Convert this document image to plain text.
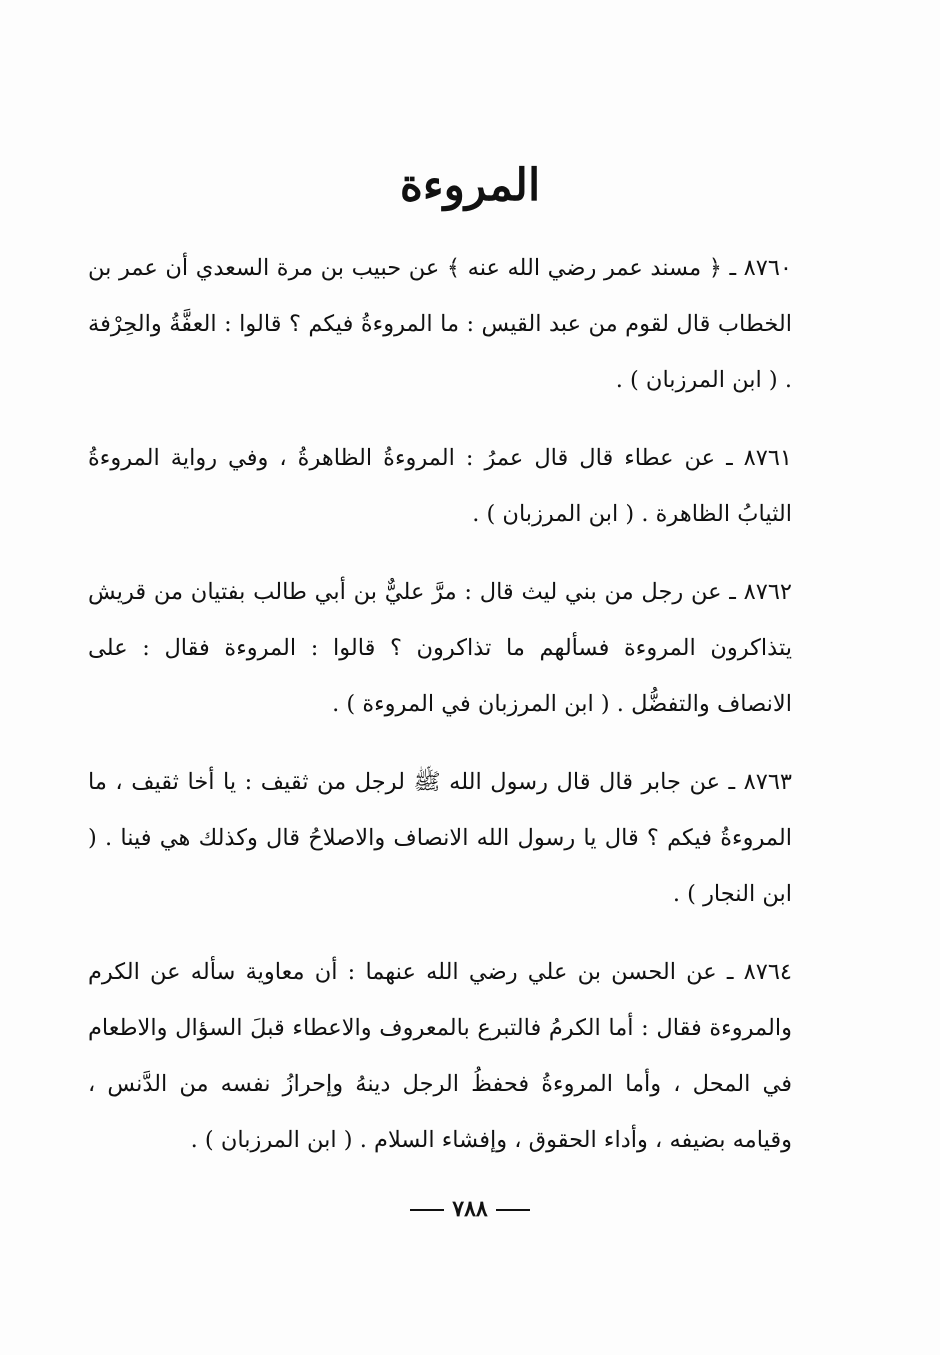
المروءة

٨٧٦٠ ـ ﴿ مسند عمر رضي الله عنه ﴾ عن حبيب بن مرة السعدي أن عمر بن الخطاب قال لقوم من عبد القيس : ما المروءةُ فيكم ؟ قالوا : العفَّةُ والحِرْفة . ( ابن المرزبان ) .

٨٧٦١ ـ عن عطاء قال قال عمرُ : المروءةُ الظاهرةُ ، وفي رواية المروءةُ الثيابُ الظاهرة . ( ابن المرزبان ) .

٨٧٦٢ ـ عن رجل من بني ليث قال : مرَّ عليٌّ بن أبي طالب بفتيان من قريش يتذاكرون المروءة فسألهم ما تذاكرون ؟ قالوا : المروءة فقال : على الانصاف والتفضُّل . ( ابن المرزبان في المروءة ) .

٨٧٦٣ ـ عن جابر قال قال رسول الله ﷺ لرجل من ثقيف : يا أخا ثقيف ، ما المروءةُ فيكم ؟ قال يا رسول الله الانصاف والاصلاحُ قال وكذلك هي فينا . ( ابن النجار ) .

٨٧٦٤ ـ عن الحسن بن علي رضي الله عنهما : أن معاوية سأله عن الكرم والمروءة فقال : أما الكرمُ فالتبرع بالمعروف والاعطاء قبلَ السؤال والاطعام في المحل ، وأما المروءةُ فحفظُ الرجل دينهُ وإحرازُ نفسه من الدَّنس ، وقيامه بضيفه ، وأداء الحقوق ، وإفشاء السلام . ( ابن المرزبان ) .

٧٨٨
